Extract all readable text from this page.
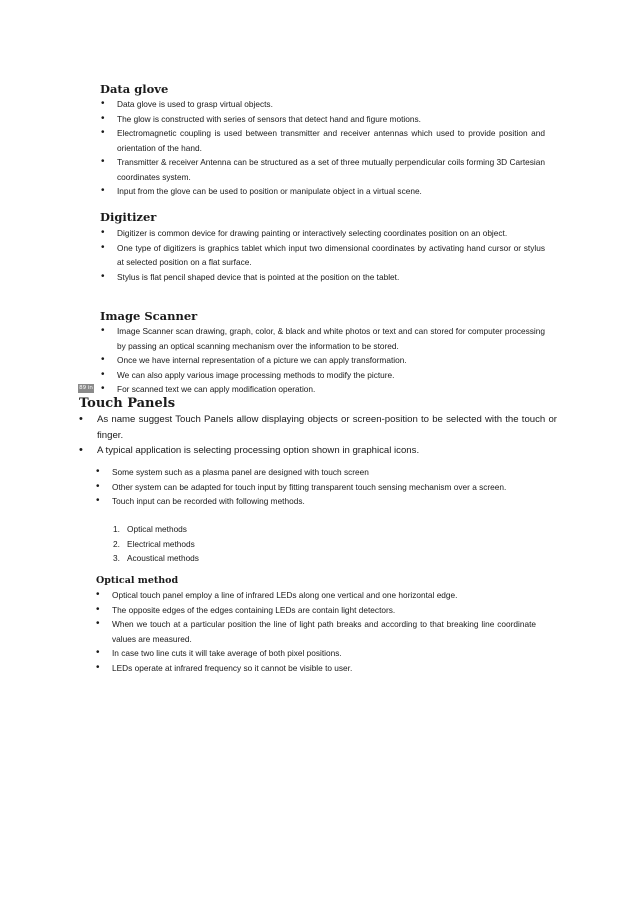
Data glove
• Data glove is used to grasp virtual objects.
• The glow is constructed with series of sensors that detect hand and figure motions.
• Electromagnetic coupling is used between transmitter and receiver antennas which used to provide position and orientation of the hand.
• Transmitter & receiver Antenna can be structured as a set of three mutually perpendicular coils forming 3D Cartesian coordinates system.
• Input from the glove can be used to position or manipulate object in a virtual scene.
Digitizer
• Digitizer is common device for drawing painting or interactively selecting coordinates position on an object.
• One type of digitizers is graphics tablet which input two dimensional coordinates by activating hand cursor or stylus at selected position on a flat surface.
• Stylus is flat pencil shaped device that is pointed at the position on the tablet.
Image Scanner
• Image Scanner scan drawing, graph, color, & black and white photos or text and can stored for computer processing by passing an optical scanning mechanism over the information to be stored.
• Once we have internal representation of a picture we can apply transformation.
• We can also apply various image processing methods to modify the picture.
• For scanned text we can apply modification operation.
89 in
Touch Panels
• As name suggest Touch Panels allow displaying objects or screen-position to be selected with the touch or finger.
• A typical application is selecting processing option shown in graphical icons.
• Some system such as a plasma panel are designed with touch screen
• Other system can be adapted for touch input by fitting transparent touch sensing mechanism over a screen.
• Touch input can be recorded with following methods.
1. Optical methods
2. Electrical methods
3. Acoustical methods
Optical method
• Optical touch panel employ a line of infrared LEDs along one vertical and one horizontal edge.
• The opposite edges of the edges containing LEDs are contain light detectors.
• When we touch at a particular position the line of light path breaks and according to that breaking line coordinate values are measured.
• In case two line cuts it will take average of both pixel positions.
• LEDs operate at infrared frequency so it cannot be visible to user.
